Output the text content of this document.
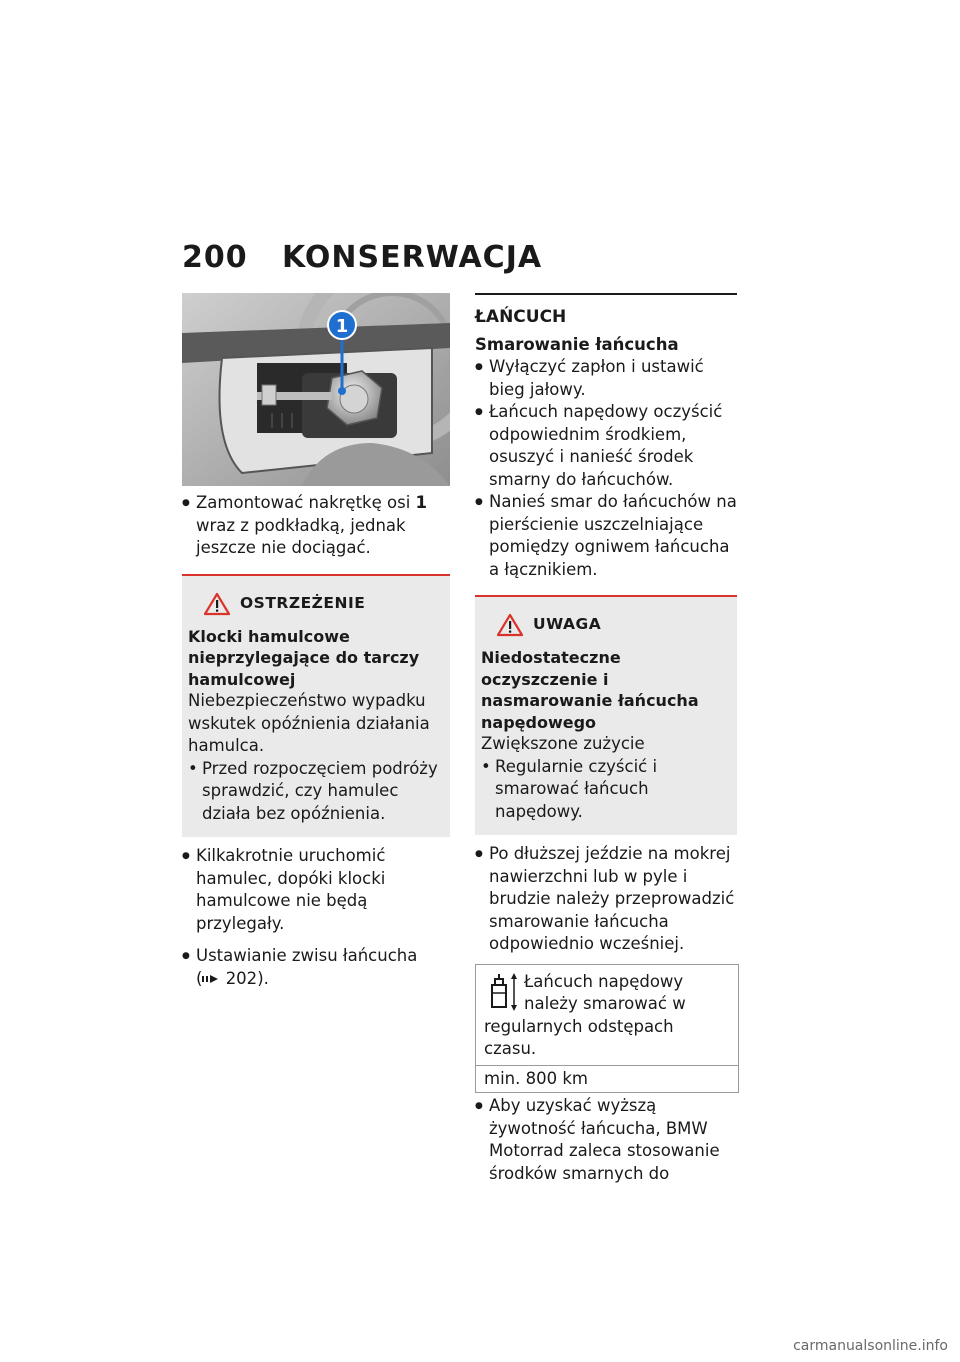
200 KONSERWACJA
1
● Zamontować nakrętkę osi 1 wraz z podkładką, jednak jeszcze nie dociągać.
OSTRZEŻENIE
Klocki hamulcowe nieprzylegające do tarczy hamulcowej
Niebezpieczeństwo wypadku wskutek opóźnienia działania hamulca.
• Przed rozpoczęciem podróży sprawdzić, czy hamulec działa bez opóźnienia.
● Kilkakrotnie uruchomić hamulec, dopóki klocki hamulcowe nie będą przylegały.
● Ustawianie zwisu łańcucha
( 202).
ŁAŃCUCH
Smarowanie łańcucha
● Wyłączyć zapłon i ustawić bieg jałowy.
● Łańcuch napędowy oczyścić odpowiednim środkiem, osuszyć i nanieść środek smarny do łańcuchów.
● Nanieś smar do łańcuchów na pierścienie uszczelniające pomiędzy ogniwem łańcucha a łącznikiem.
UWAGA
Niedostateczne oczyszczenie i nasmarowanie łańcucha napędowego
Zwiększone zużycie
• Regularnie czyścić i smarować łańcuch napędowy.
● Po dłuższej jeździe na mokrej nawierzchni lub w pyle i brudzie należy przeprowadzić smarowanie łańcucha odpowiednio wcześniej.
Łańcuch napędowy należy smarować w regularnych odstępach czasu.
min. 800 km
● Aby uzyskać wyższą żywotność łańcucha, BMW Motorrad zaleca stosowanie środków smarnych do
carmanualsonline.info
